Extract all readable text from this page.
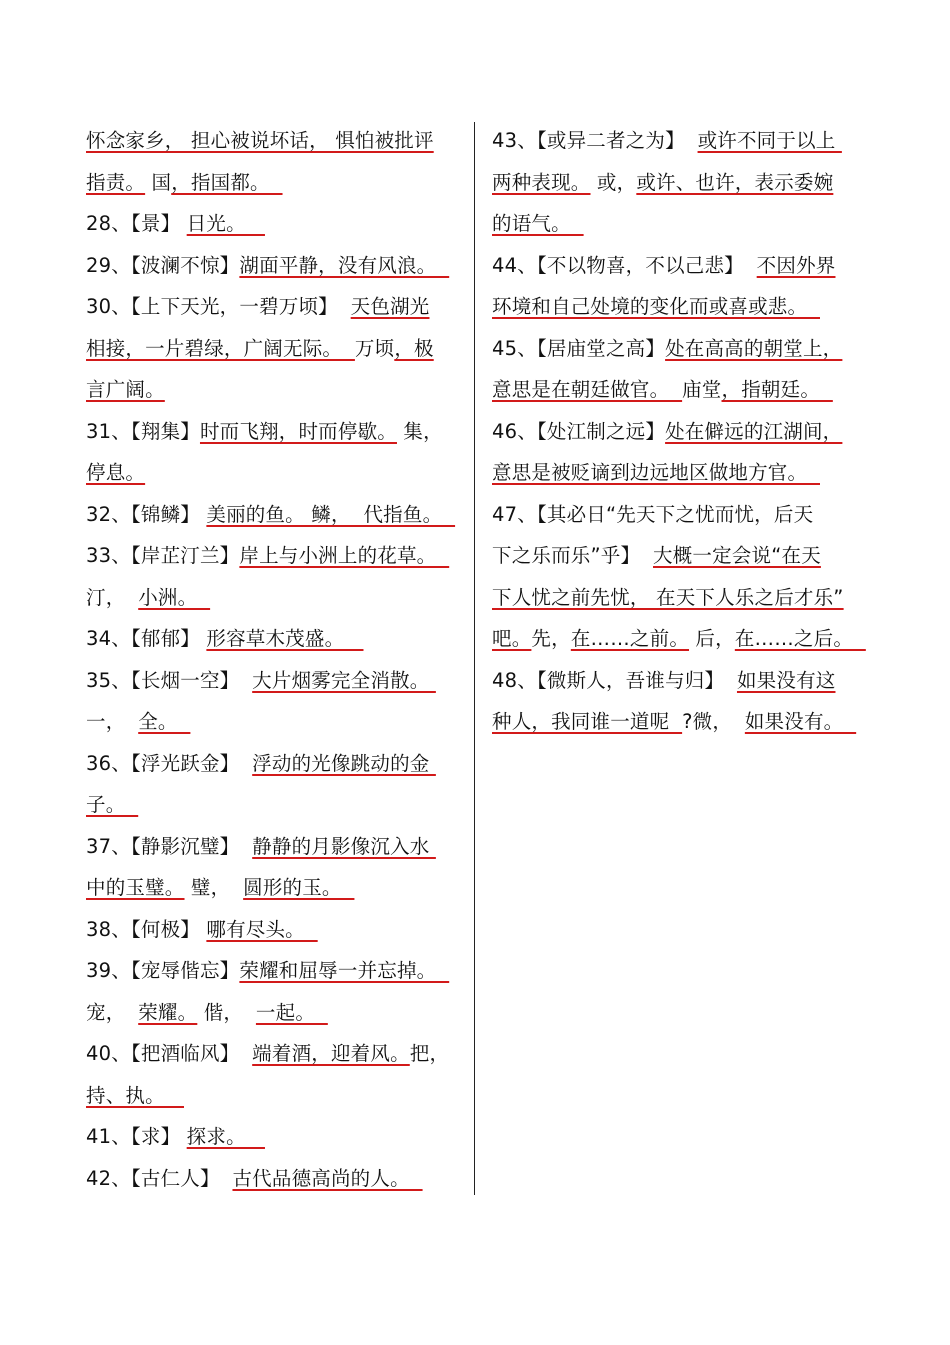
怀念家乡， 担心被说坏话， 惧怕被批评
指责。 国，指国都。
28、【景】 日光。
29、【波澜不惊】湖面平静，没有风浪。
30、【上下天光，一碧万顷】  天色湖光
相接，一片碧绿，广阔无际。  万顷，极
言广阔。
31、【翔集】时而飞翔，时而停歇。 集，
停息。
32、【锦鳞】 美丽的鱼。 鳞，  代指鱼。
33、【岸芷汀兰】岸上与小洲上的花草。
汀，  小洲。
34、【郁郁】 形容草木茂盛。
35、【长烟一空】  大片烟雾完全消散。
一，  全。
36、【浮光跃金】  浮动的光像跳动的金
子。
37、【静影沉璧】  静静的月影像沉入水
中的玉璧。 璧，  圆形的玉。
38、【何极】 哪有尽头。
39、【宠辱偕忘】荣耀和屈辱一并忘掉。
宠，  荣耀。 偕，  一起。
40、【把酒临风】  端着酒，迎着风。把，
持、执。
41、【求】 探求。
42、【古仁人】  古代品德高尚的人。
43、【或异二者之为】  或许不同于以上
两种表现。 或，或许、也许，表示委婉
的语气。
44、【不以物喜，不以己悲】  不因外界
环境和自己处境的变化而或喜或悲。
45、【居庙堂之高】处在高高的朝堂上，
意思是在朝廷做官。  庙堂，指朝廷。
46、【处江制之远】处在僻远的江湖间，
意思是被贬谪到边远地区做地方官。
47、【其必日“先天下之忧而忧，后天
下之乐而乐”乎】  大概一定会说“在天
下人忧之前先忧， 在天下人乐之后才乐”
吧。先，在……之前。 后，在……之后。
48、【微斯人，吾谁与归】  如果没有这
种人，我同谁一道呢  ?微，  如果没有。
